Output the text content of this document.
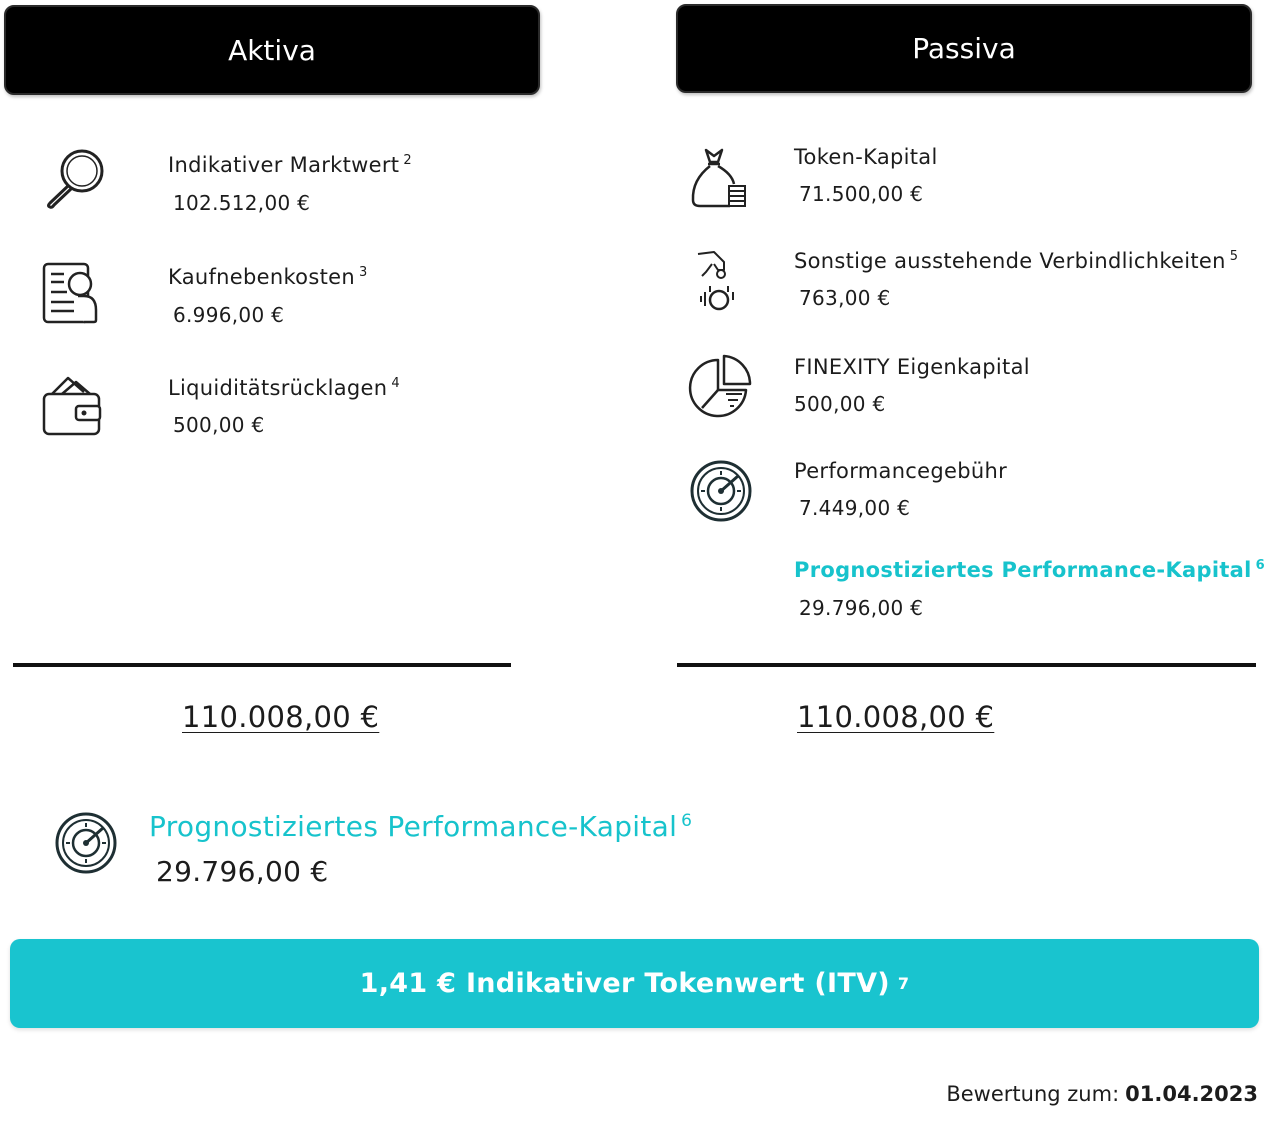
Aktiva	Passiva
Indikativer Marktwert $^2$
102.512,00 €
Kaufnebenkosten $^3$
6.996,00 €
Liquiditätsrücklagen $^4$
500,00 €
Token-Kapital
71.500,00 €
Sonstige ausstehende Verbindlichkeiten $^5$
763,00 €
FINEXITY Eigenkapital
500,00 €
Performancegebühr
7.449,00 €
Prognostiziertes Performance-Kapital $^6$
29.796,00 €
110.008,00 €	110.008,00 €
Prognostiziertes Performance-Kapital $^6$
29.796,00 €
1,41 € Indikativer Tokenwert (ITV) 7
Bewertung zum: 01.04.2023
